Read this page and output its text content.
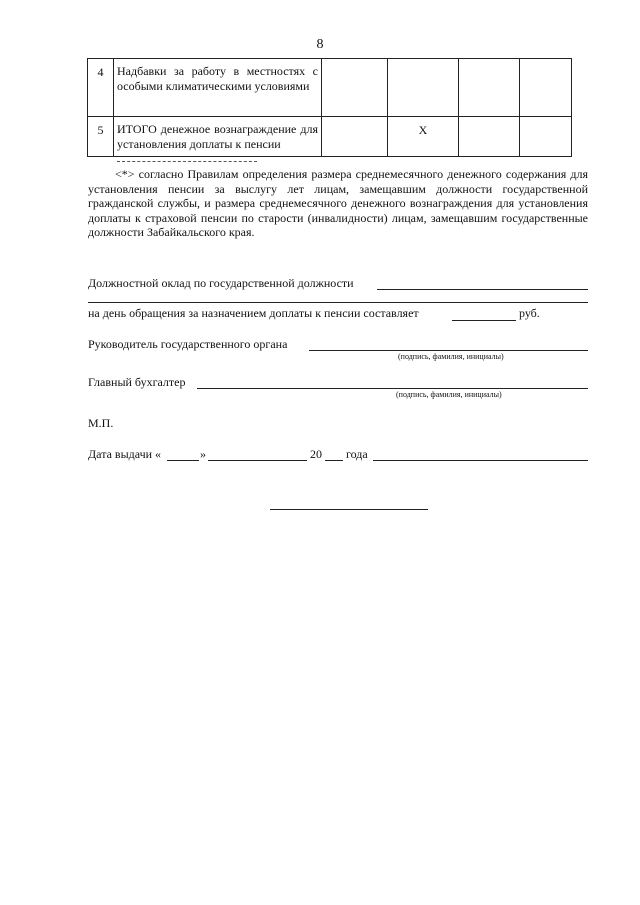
8
4	Надбавки за работу в местностях с особыми климатическими условиями				
5	ИТОГО денежное вознаграждение для установления доплаты к пенсии		X		
<*> согласно Правилам определения размера среднемесячного денежного содержания для установления пенсии за выслугу лет лицам, замещавшим должности государственной гражданской службы, и размера среднемесячного денежного вознаграждения для установления доплаты к страховой пенсии по старости (инвалидности) лицам, замещавшим государственные должности Забайкальского края.
Должностной оклад по государственной должности
на день обращения за назначением доплаты к пенсии составляет	руб.
Руководитель государственного органа
(подпись, фамилия, инициалы)
Главный бухгалтер
(подпись, фамилия, инициалы)
М.П.
Дата выдачи «	»	20 года
